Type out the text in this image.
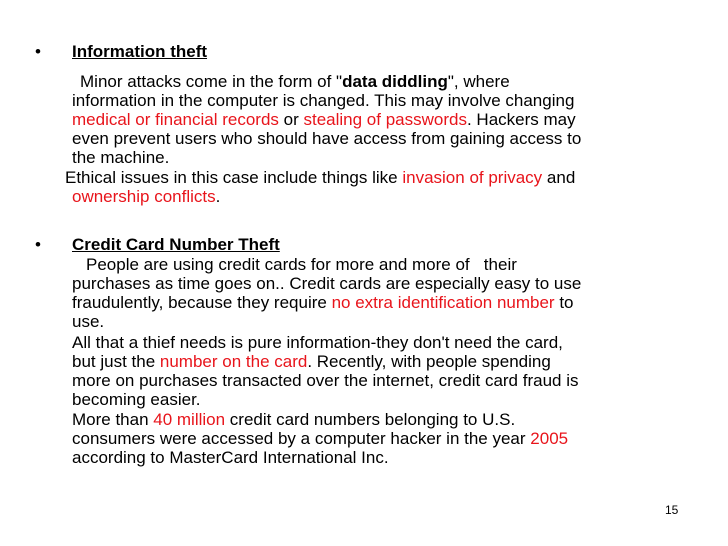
• Information theft

Minor attacks come in the form of "data diddling", where

information in the computer is changed. This may involve changing

medical or financial records or stealing of passwords. Hackers may

even prevent users who should have access from gaining access to

the machine.

Ethical issues in this case include things like invasion of privacy and

ownership conflicts.

• Credit Card Number Theft

People are using credit cards for more and more of   their

purchases as time goes on.. Credit cards are especially easy to use

fraudulently, because they require no extra identification number to

use.

All that a thief needs is pure information-they don't need the card,

but just the number on the card. Recently, with people spending

more on purchases transacted over the internet, credit card fraud is

becoming easier.

More than 40 million credit card numbers belonging to U.S.

consumers were accessed by a computer hacker in the year 2005

according to MasterCard International Inc.

15
